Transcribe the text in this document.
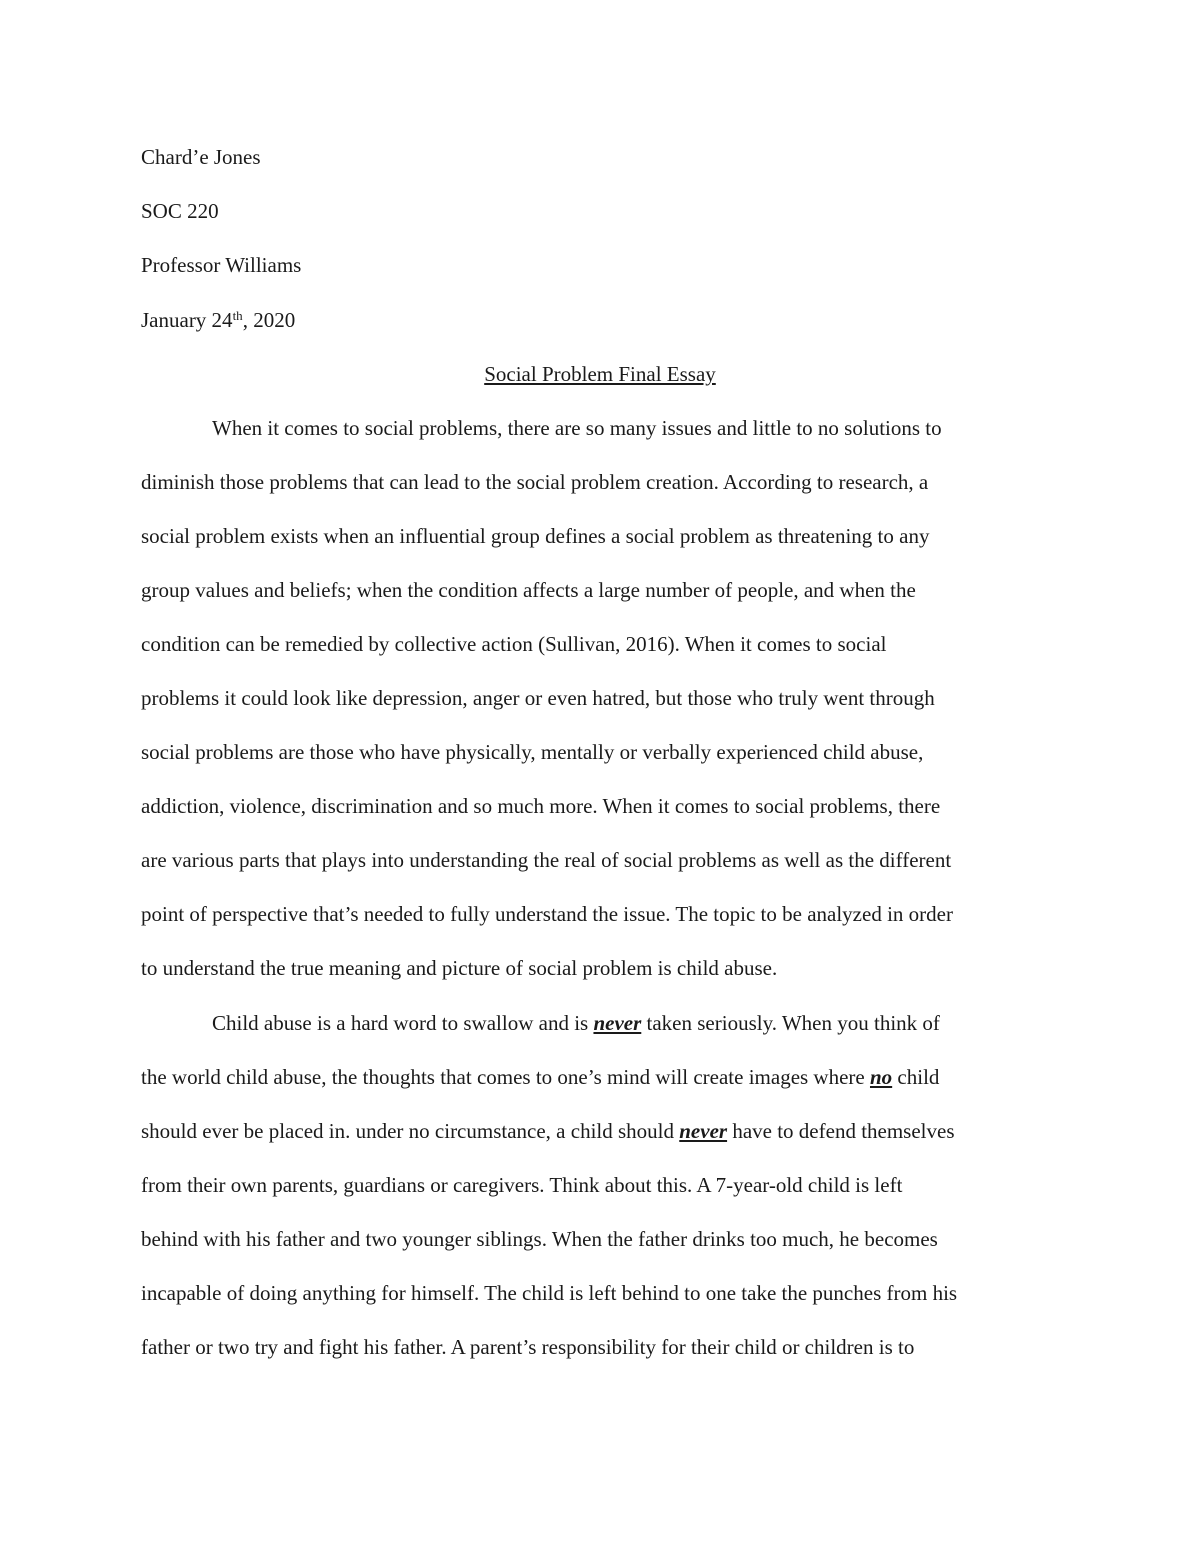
Chard’e Jones
SOC 220
Professor Williams
January 24th, 2020
Social Problem Final Essay
When it comes to social problems, there are so many issues and little to no solutions to
diminish those problems that can lead to the social problem creation. According to research, a
social problem exists when an influential group defines a social problem as threatening to any
group values and beliefs; when the condition affects a large number of people, and when the
condition can be remedied by collective action (Sullivan, 2016). When it comes to social
problems it could look like depression, anger or even hatred, but those who truly went through
social problems are those who have physically, mentally or verbally experienced child abuse,
addiction, violence, discrimination and so much more. When it comes to social problems, there
are various parts that plays into understanding the real of social problems as well as the different
point of perspective that’s needed to fully understand the issue. The topic to be analyzed in order
to understand the true meaning and picture of social problem is child abuse.
Child abuse is a hard word to swallow and is never taken seriously. When you think of
the world child abuse, the thoughts that comes to one’s mind will create images where no child
should ever be placed in. under no circumstance, a child should never have to defend themselves
from their own parents, guardians or caregivers. Think about this. A 7-year-old child is left
behind with his father and two younger siblings. When the father drinks too much, he becomes
incapable of doing anything for himself. The child is left behind to one take the punches from his
father or two try and fight his father. A parent’s responsibility for their child or children is to
